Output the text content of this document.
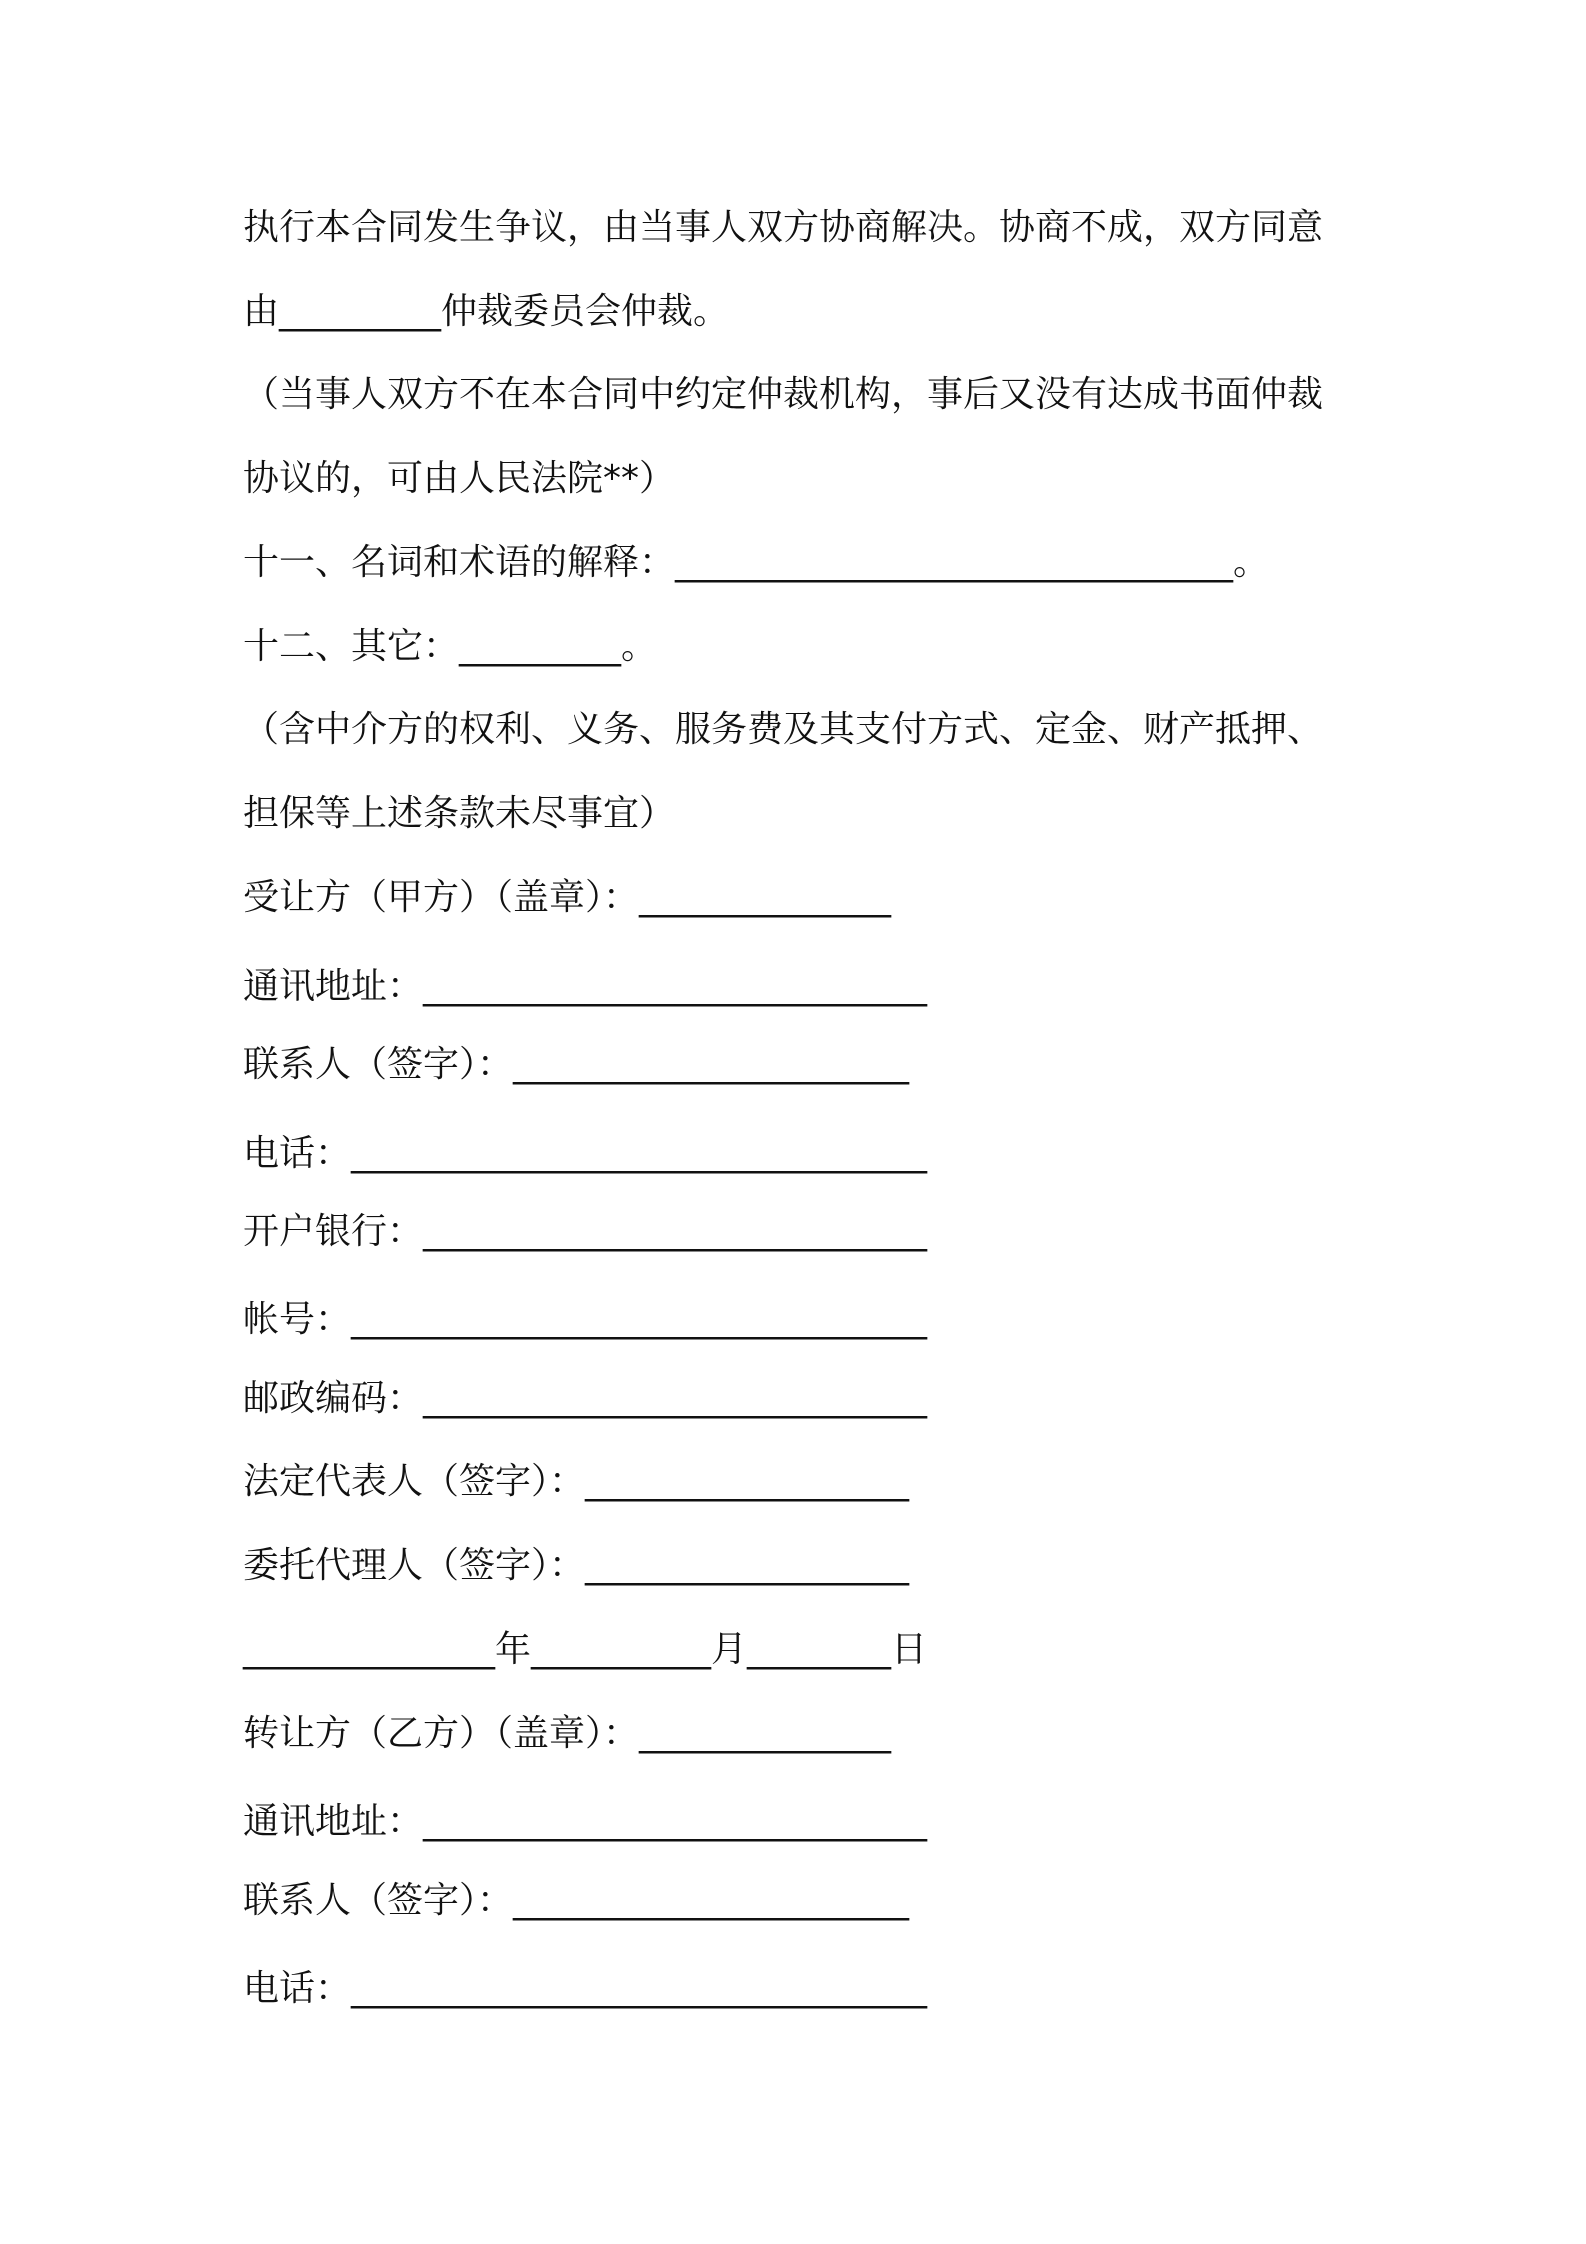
执行本合同发生争议，由当事人双方协商解决。协商不成，双方同意
由_________仲裁委员会仲裁。
（当事人双方不在本合同中约定仲裁机构，事后又没有达成书面仲裁
协议的，可由人民法院**）
十一、名词和术语的解释：_______________________________。
十二、其它：_________。
（含中介方的权利、义务、服务费及其支付方式、定金、财产抵押、
担保等上述条款未尽事宜）
受让方（甲方）（盖章）：______________
通讯地址：____________________________
联系人（签字）：______________________
电话：________________________________
开户银行：____________________________
帐号：________________________________
邮政编码：____________________________
法定代表人（签字）：__________________
委托代理人（签字）：__________________
______________年__________月________日
转让方（乙方）（盖章）：______________
通讯地址：____________________________
联系人（签字）：______________________
电话：________________________________
